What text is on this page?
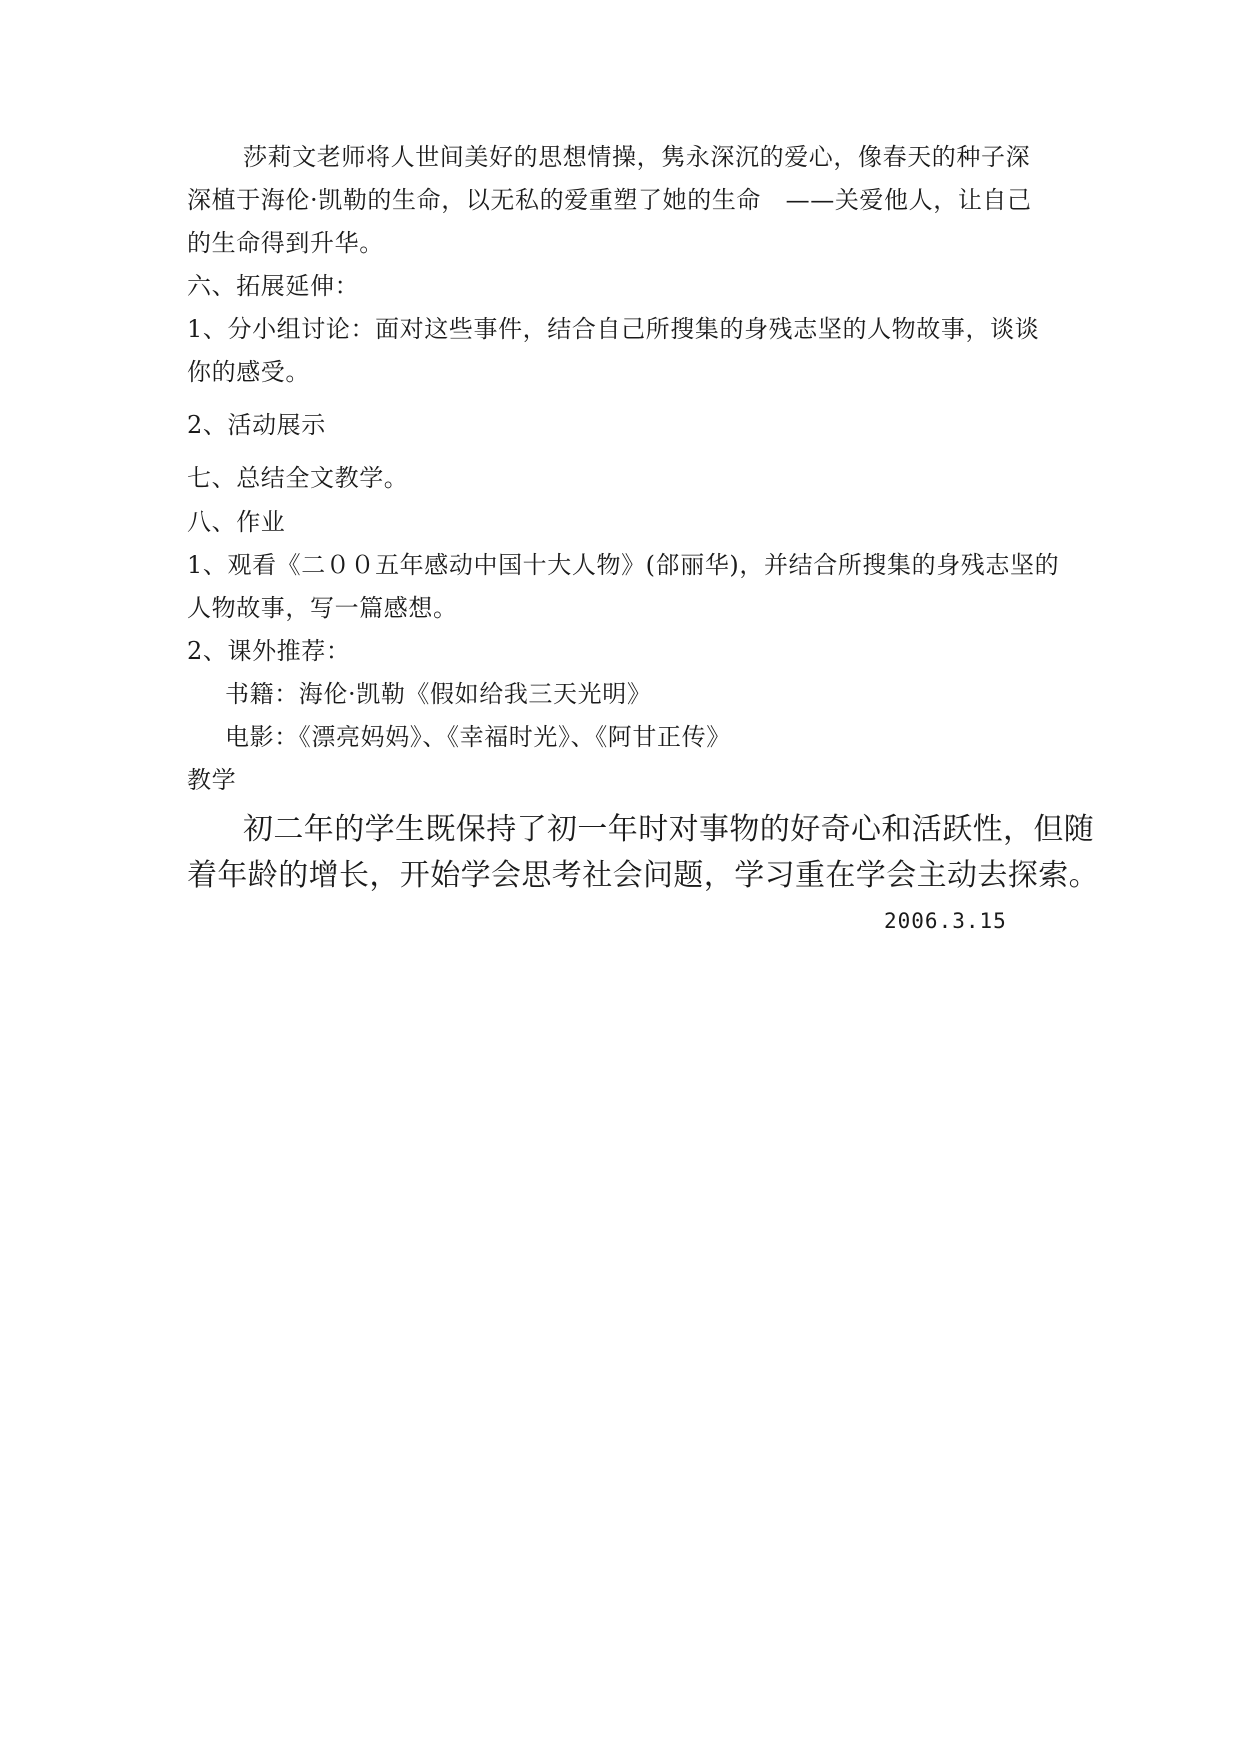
莎莉文老师将人世间美好的思想情操，隽永深沉的爱心，像春天的种子深
深植于海伦·凯勒的生命，以无私的爱重塑了她的生命　——关爱他人，让自己
的生命得到升华。
六、拓展延伸：
1、分小组讨论：面对这些事件，结合自己所搜集的身残志坚的人物故事，谈谈
你的感受。
2、活动展示
七、总结全文教学。
八、作业
1、观看《二００五年感动中国十大人物》(郃丽华)，并结合所搜集的身残志坚的
人物故事，写一篇感想。
2、课外推荐：
书籍：海伦·凯勒《假如给我三天光明》
电影：《漂亮妈妈》、《幸福时光》、《阿甘正传》
教学
初二年的学生既保持了初一年时对事物的好奇心和活跃性，但随
着年龄的增长，开始学会思考社会问题，学习重在学会主动去探索。
2006.3.15
